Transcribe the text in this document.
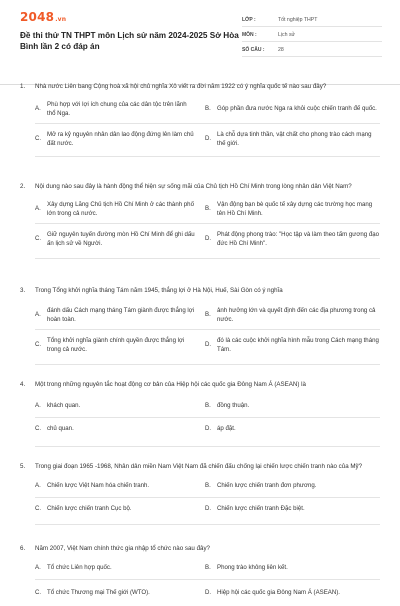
2048.vn
Đề thi thử TN THPT môn Lịch sử năm 2024-2025 Sở Hòa Bình lần 2 có đáp án
LỚP :	Tốt nghiệp THPT
MÔN :	Lịch sử
SỐ CÂU :	28
1.	Nhà nước Liên bang Cộng hoà xã hội chủ nghĩa Xô viết ra đời năm 1922 có ý nghĩa quốc tế nào sau đây?
A.
Phù hợp với lợi ích chung của các dân tộc trên lãnh thổ Nga.
B.	Góp phần đưa nước Nga ra khỏi cuộc chiến tranh đế quốc.
C.
Mở ra kỷ nguyên nhân dân lao động đứng lên làm chủ đất nước.
D.
Là chỗ dựa tinh thần, vật chất cho phong trào cách mạng thế giới.
2.	Nội dung nào sau đây là hành động thể hiện sự sống mãi của Chủ tịch Hồ Chí Minh trong lòng nhân dân Việt Nam?
A.
Xây dựng Lăng Chủ tịch Hồ Chí Minh ở các thành phố lớn trong cả nước.
B.
Vận động bạn bè quốc tế xây dựng các trường học mang tên Hồ Chí Minh.
C.
Giữ nguyên tuyến đường mòn Hồ Chí Minh để ghi dấu ấn lịch sử về Người.
D.
Phát động phong trào: "Học tập và làm theo tấm gương đạo đức Hồ Chí Minh".
3.	Trong Tổng khởi nghĩa tháng Tám năm 1945, thắng lợi ở Hà Nội, Huế, Sài Gòn có ý nghĩa
A.
đánh dấu Cách mạng tháng Tám giành được thắng lợi hoàn toàn.
B.
ảnh hưởng lớn và quyết định đến các địa phương trong cả nước.
C.
Tổng khởi nghĩa giành chính quyền được thắng lợi trong cả nước.
D.
đó là các cuộc khởi nghĩa hình mẫu trong Cách mạng tháng Tám.
4.	Một trong những nguyên tắc hoạt động cơ bản của Hiệp hội các quốc gia Đông Nam Á (ASEAN) là
A.	khách quan.	B.	đồng thuận.
C. chủ quan.	D. áp đặt.
5.	Trong giai đoạn 1965 -1968, Nhân dân miền Nam Việt Nam đã chiến đấu chống lại chiến lược chiến tranh nào của Mỹ?
A.	Chiến lược Việt Nam hóa chiến tranh.	B.	Chiến lược chiến tranh đơn phương.
C. Chiến lược chiến tranh Cục bộ.	D. Chiến lược chiến tranh Đặc biệt.
6.	Năm 2007, Việt Nam chính thức gia nhập tổ chức nào sau đây?
A.	Tổ chức Liên hợp quốc.	B.	Phong trào không liên kết.
C. Tổ chức Thương mại Thế giới (WTO).	D. Hiệp hội các quốc gia Đông Nam Á (ASEAN).
